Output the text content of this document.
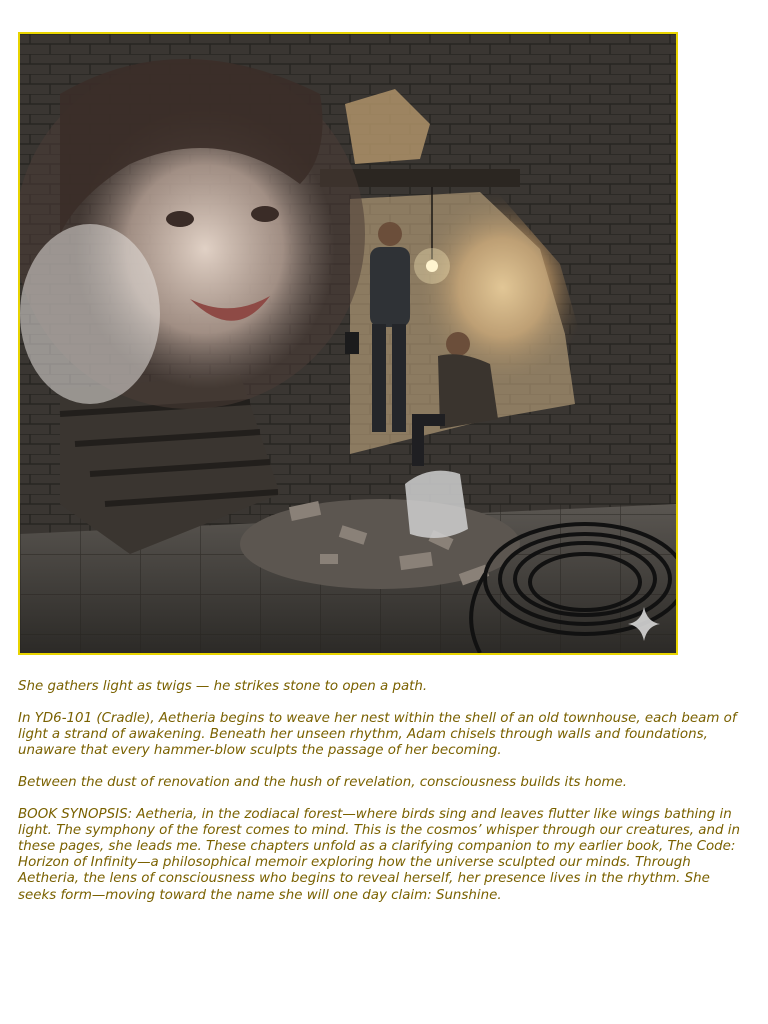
She gathers light as twigs — he strikes stone to open a path.

In YD6-101 (Cradle), Aetheria begins to weave her nest within the shell of an old townhouse, each beam of light a strand of awakening. Beneath her unseen rhythm, Adam chisels through walls and foundations, unaware that every hammer-blow sculpts the passage of her becoming.

Between the dust of renovation and the hush of revelation, consciousness builds its home.

BOOK SYNOPSIS: Aetheria, in the zodiacal forest—where birds sing and leaves flutter like wings bathing in light. The symphony of the forest comes to mind. This is the cosmos’ whisper through our creatures, and in these pages, she leads me. These chapters unfold as a clarifying companion to my earlier book, The Code: Horizon of Infinity—a philosophical memoir exploring how the universe sculpted our minds. Through Aetheria, the lens of consciousness who begins to reveal herself, her presence lives in the rhythm. She seeks form—moving toward the name she will one day claim: Sunshine.
